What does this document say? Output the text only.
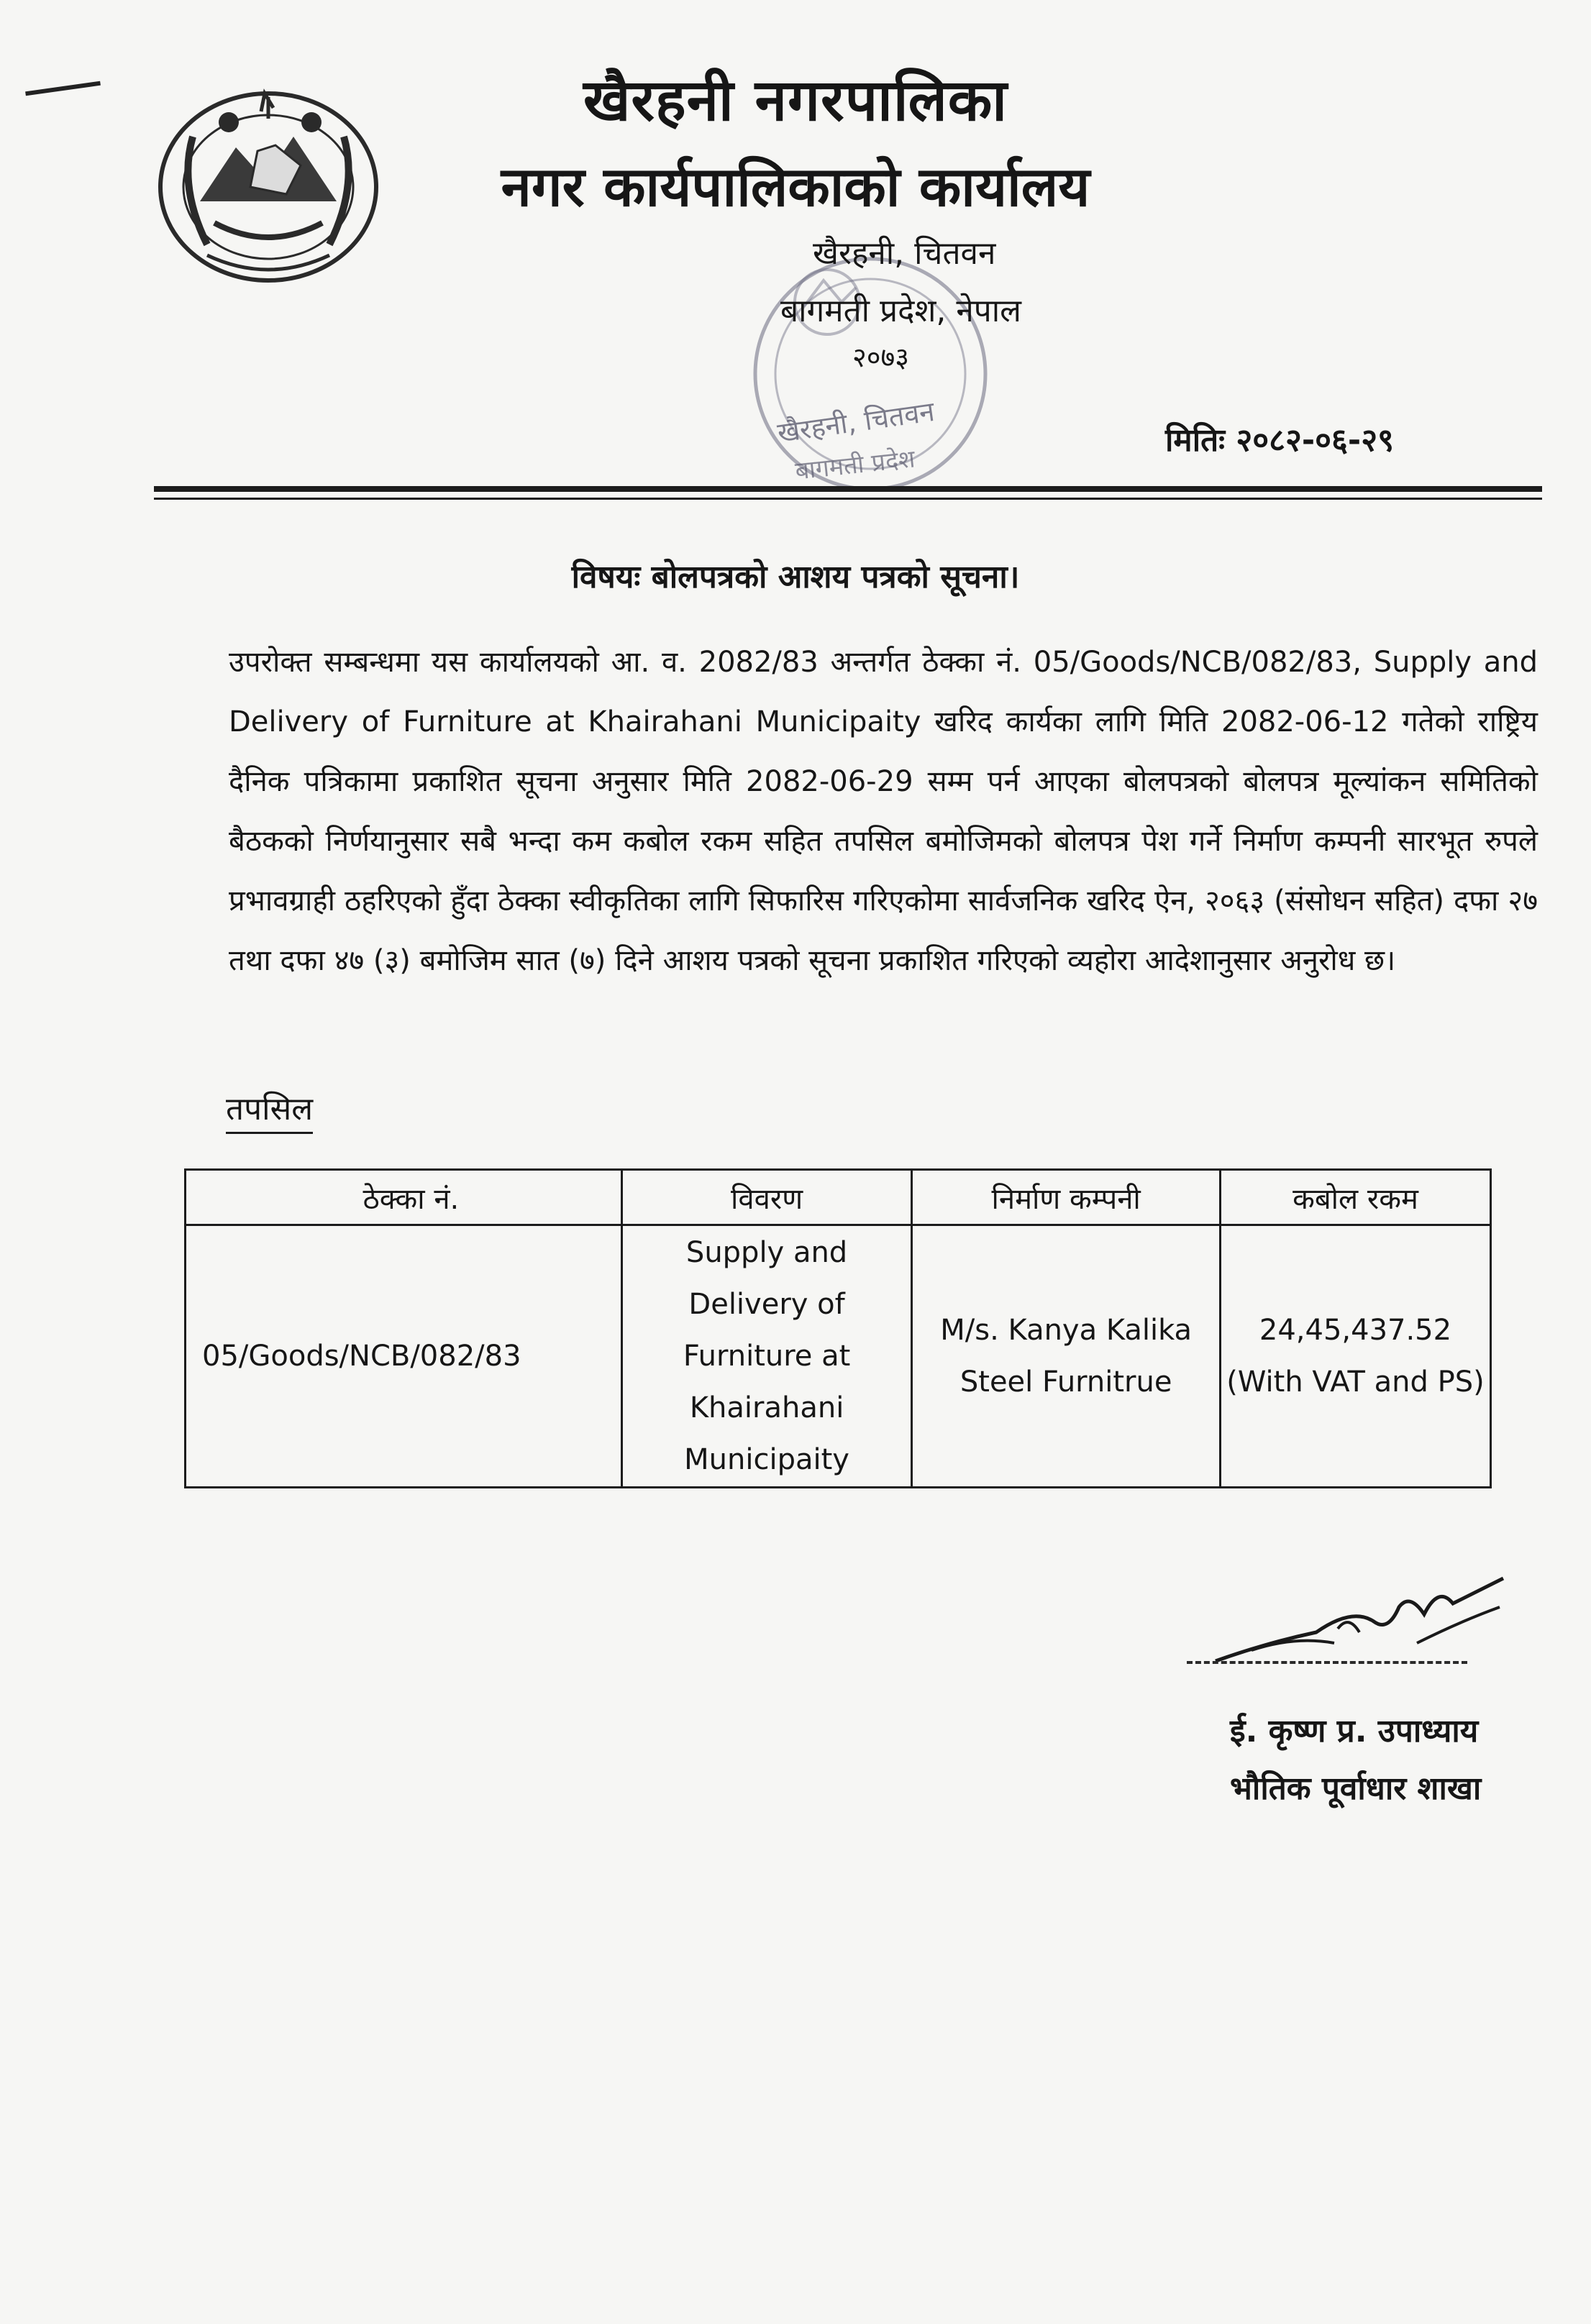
खैरहनी नगरपालिका
नगर कार्यपालिकाको कार्यालय
खैरहनी, चितवन
बागमती प्रदेश, नेपाल
२०७३
खैरहनी, चितवन
बागमती प्रदेश
मितिः २०८२-०६-२९
विषयः बोलपत्रको आशय पत्रको सूचना।
उपरोक्त सम्बन्धमा यस कार्यालयको आ. व. 2082/83 अन्तर्गत ठेक्का नं. 05/Goods/NCB/082/83, Supply and Delivery of Furniture at Khairahani Municipaity खरिद कार्यका लागि मिति 2082-06-12 गतेको राष्ट्रिय दैनिक पत्रिकामा प्रकाशित सूचना अनुसार मिति 2082-06-29 सम्म पर्न आएका बोलपत्रको बोलपत्र मूल्यांकन समितिको बैठकको निर्णयानुसार सबै भन्दा कम कबोल रकम सहित तपसिल बमोजिमको बोलपत्र पेश गर्ने निर्माण कम्पनी सारभूत रुपले प्रभावग्राही ठहरिएको हुँदा ठेक्का स्वीकृतिका लागि सिफारिस गरिएकोमा सार्वजनिक खरिद ऐन, २०६३ (संसोधन सहित) दफा २७ तथा दफा ४७ (३) बमोजिम सात (७) दिने आशय पत्रको सूचना प्रकाशित गरिएको व्यहोरा आदेशानुसार अनुरोध छ।
तपसिल
ठेक्का नं.	विवरण	निर्माण कम्पनी	कबोल रकम
05/Goods/NCB/082/83	Supply and Delivery of Furniture at Khairahani Municipaity	M/s. Kanya Kalika Steel Furnitrue	24,45,437.52 (With VAT and PS)
ई. कृष्ण प्र. उपाध्याय
भौतिक पूर्वाधार शाखा
